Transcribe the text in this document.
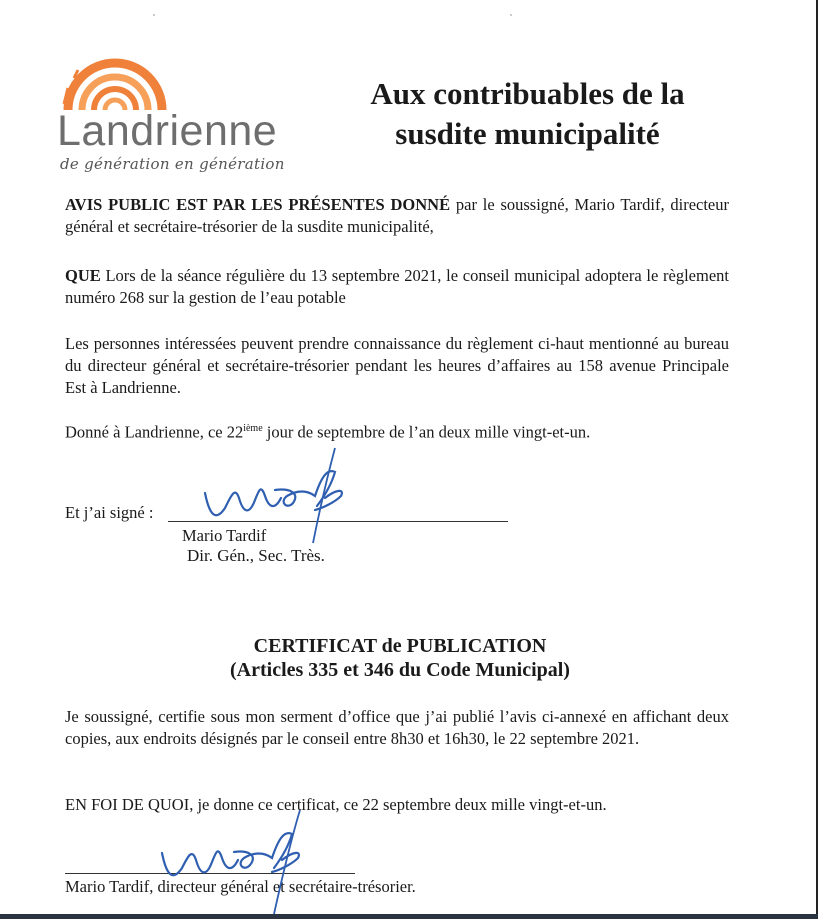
Landrienne
de génération en génération
Aux contribuables de la
susdite municipalité
AVIS PUBLIC EST PAR LES PRÉSENTES DONNÉ par le soussigné, Mario Tardif, directeur général et secrétaire-trésorier de la susdite municipalité,
QUE Lors de la séance régulière du 13 septembre 2021, le conseil municipal adoptera le règlement numéro 268 sur la gestion de l’eau potable
Les personnes intéressées peuvent prendre connaissance du règlement ci-haut mentionné au bureau du directeur général et secrétaire-trésorier pendant les heures d’affaires au 158 avenue Principale Est à Landrienne.
Donné à Landrienne, ce 22ième jour de septembre de l’an deux mille vingt-et-un.
Et j’ai signé :
Mario Tardif
Dir. Gén., Sec. Très.
CERTIFICAT de PUBLICATION
(Articles 335 et 346 du Code Municipal)
Je soussigné, certifie sous mon serment d’office que j’ai publié l’avis ci-annexé en affichant deux copies, aux endroits désignés par le conseil entre 8h30 et 16h30, le 22 septembre 2021.
EN FOI DE QUOI, je donne ce certificat, ce 22 septembre deux mille vingt-et-un.
Mario Tardif, directeur général et secrétaire-trésorier.
